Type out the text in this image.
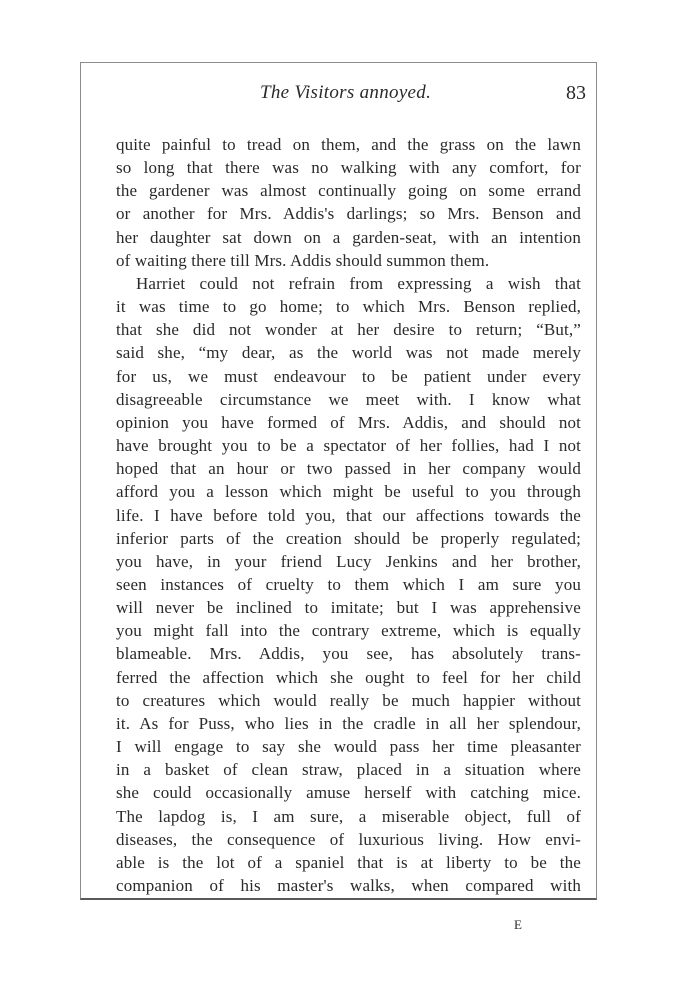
The Visitors annoyed.	83
quite painful to tread on them, and the grass on the lawn
so long that there was no walking with any comfort, for
the gardener was almost continually going on some errand
or another for Mrs. Addis's darlings; so Mrs. Benson and
her daughter sat down on a garden-seat, with an intention
of waiting there till Mrs. Addis should summon them.
Harriet could not refrain from expressing a wish that
it was time to go home; to which Mrs. Benson replied,
that she did not wonder at her desire to return; “But,”
said she, “my dear, as the world was not made merely
for us, we must endeavour to be patient under every
disagreeable circumstance we meet with. I know what
opinion you have formed of Mrs. Addis, and should not
have brought you to be a spectator of her follies, had I not
hoped that an hour or two passed in her company would
afford you a lesson which might be useful to you through
life. I have before told you, that our affections towards the
inferior parts of the creation should be properly regulated;
you have, in your friend Lucy Jenkins and her brother,
seen instances of cruelty to them which I am sure you
will never be inclined to imitate; but I was apprehensive
you might fall into the contrary extreme, which is equally
blameable. Mrs. Addis, you see, has absolutely trans-
ferred the affection which she ought to feel for her child
to creatures which would really be much happier without
it. As for Puss, who lies in the cradle in all her splendour,
I will engage to say she would pass her time pleasanter
in a basket of clean straw, placed in a situation where
she could occasionally amuse herself with catching mice.
The lapdog is, I am sure, a miserable object, full of
diseases, the consequence of luxurious living. How envi-
able is the lot of a spaniel that is at liberty to be the
companion of his master's walks, when compared with
E
